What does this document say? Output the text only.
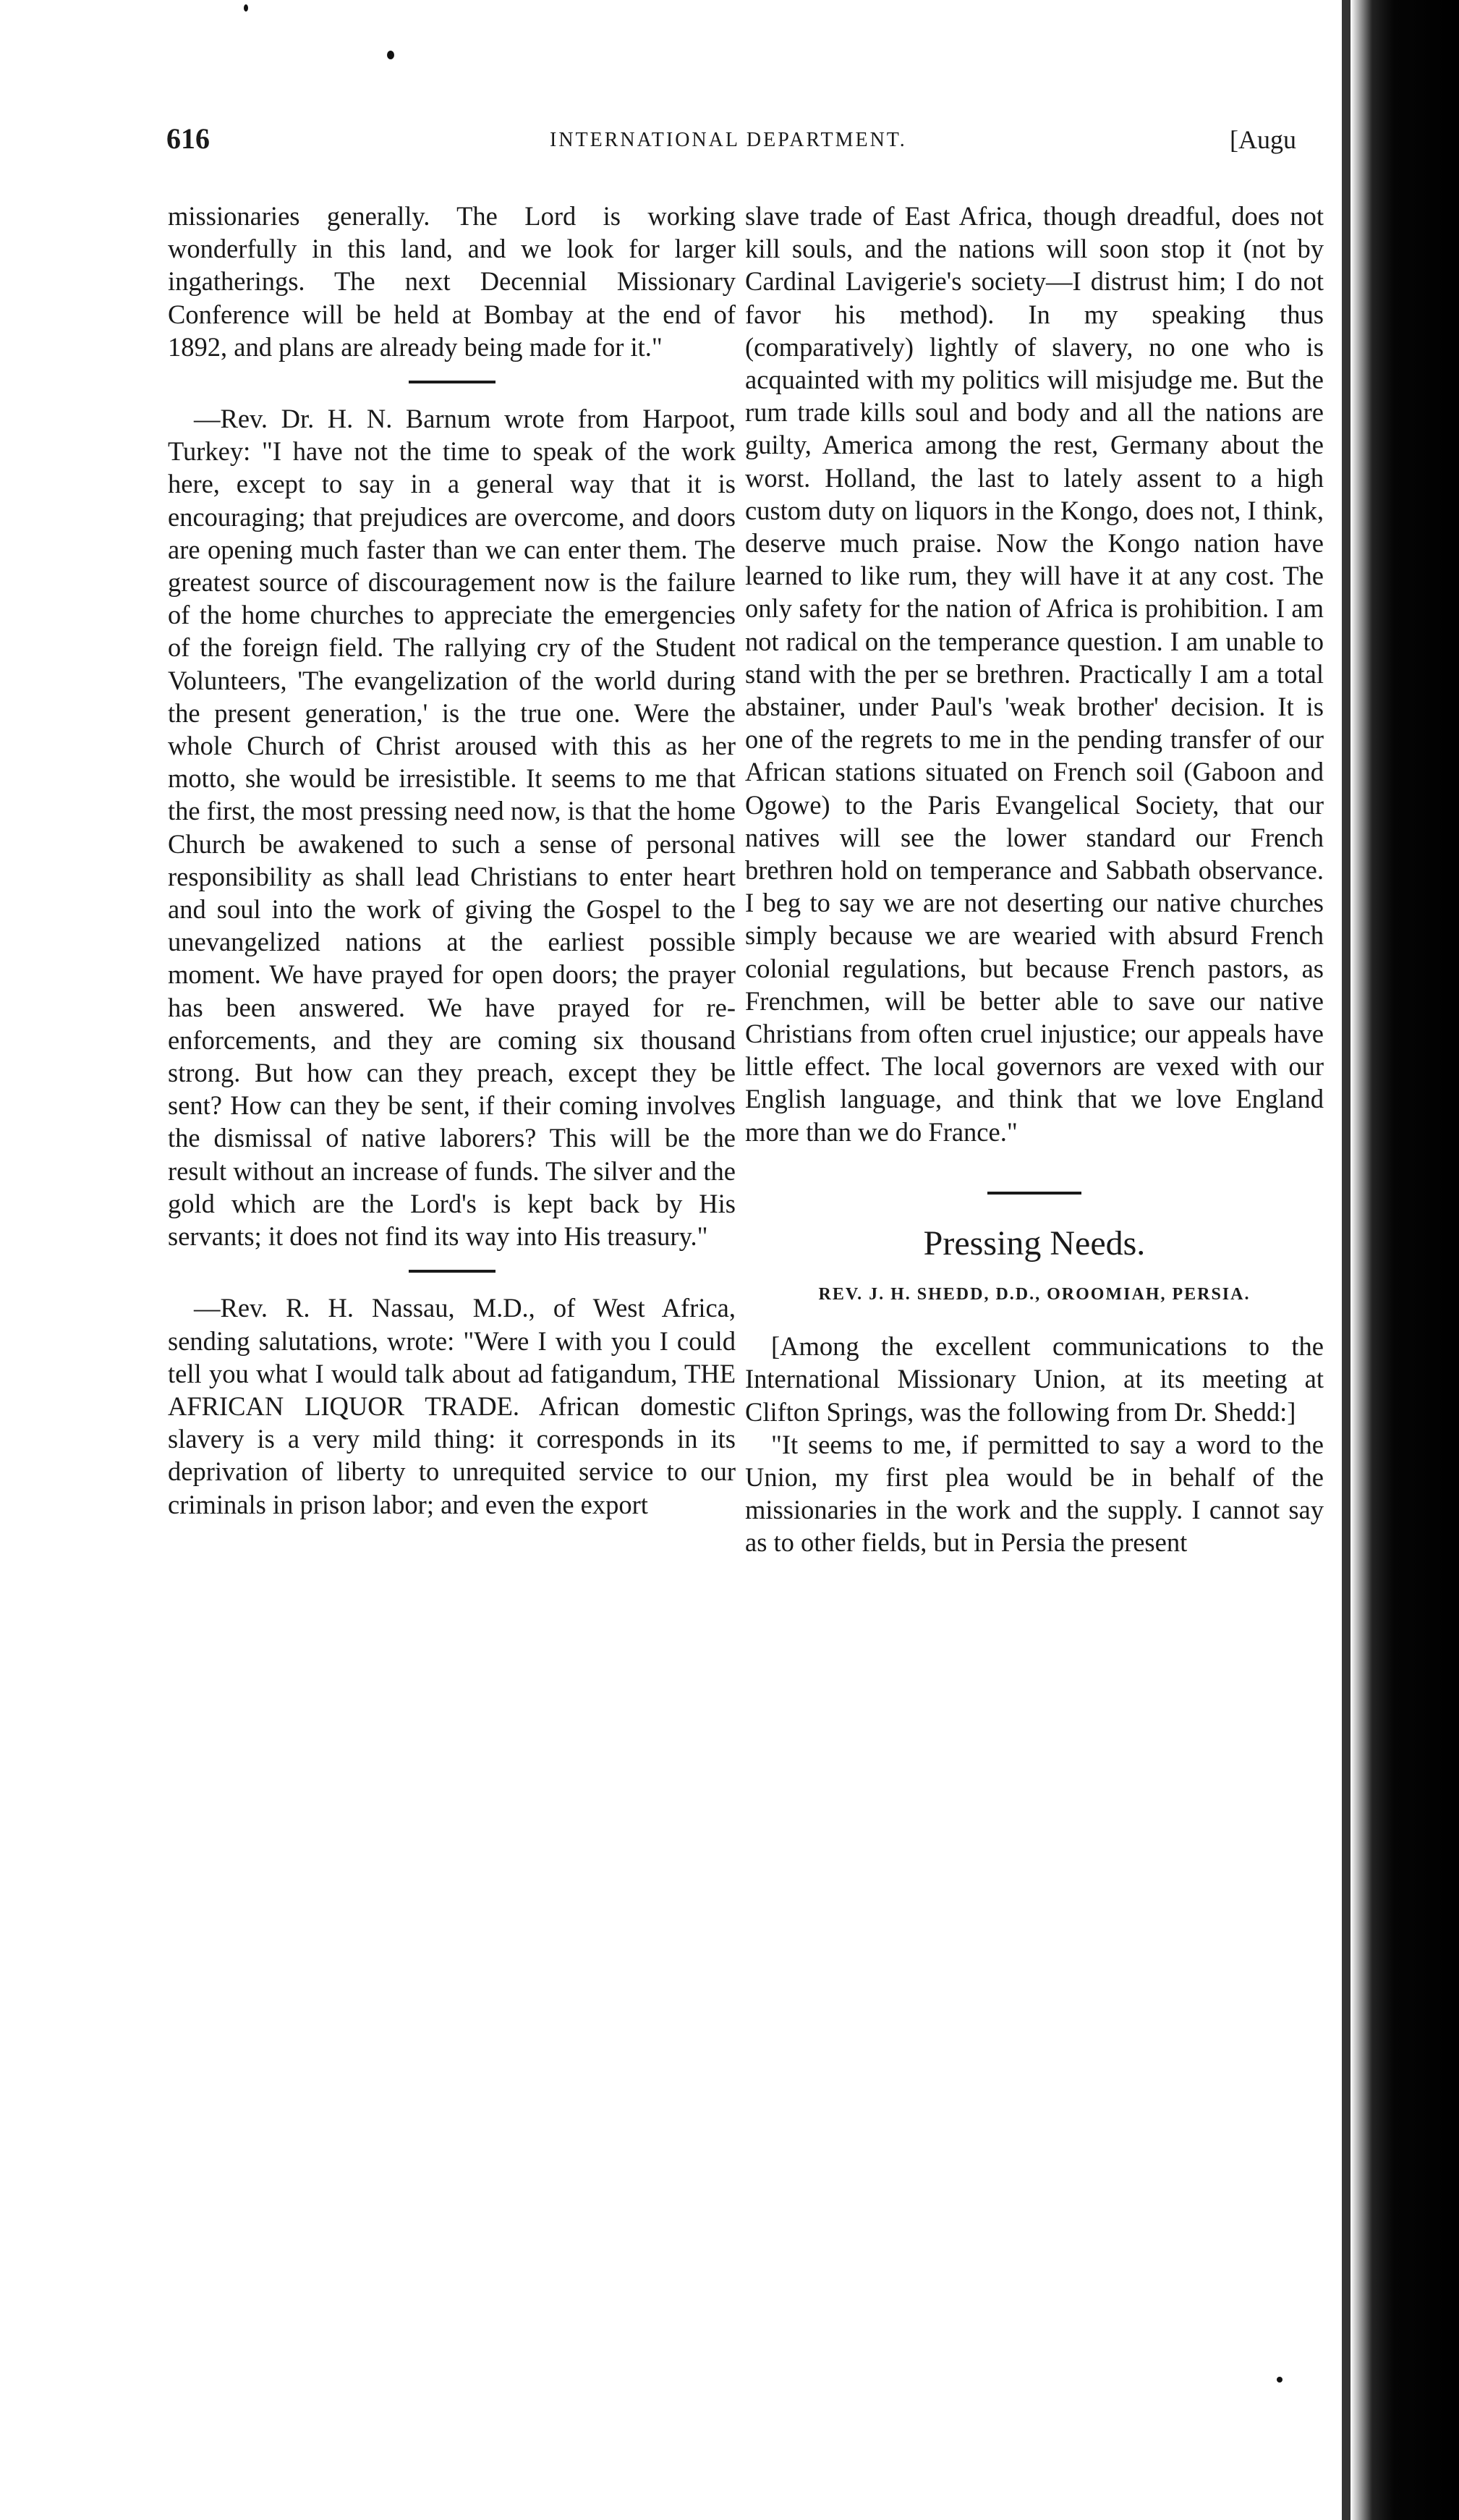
616	INTERNATIONAL DEPARTMENT.	[Augu

missionaries generally. The Lord is working wonderfully in this land, and we look for larger ingatherings. The next Decennial Missionary Conference will be held at Bombay at the end of 1892, and plans are already being made for it."

—Rev. Dr. H. N. Barnum wrote from Harpoot, Turkey: "I have not the time to speak of the work here, except to say in a general way that it is encouraging; that prejudices are overcome, and doors are opening much faster than we can enter them. The greatest source of discouragement now is the failure of the home churches to appreciate the emergencies of the foreign field. The rallying cry of the Student Volunteers, 'The evangelization of the world during the present generation,' is the true one. Were the whole Church of Christ aroused with this as her motto, she would be irresistible. It seems to me that the first, the most pressing need now, is that the home Church be awakened to such a sense of personal responsibility as shall lead Christians to enter heart and soul into the work of giving the Gospel to the unevangelized nations at the earliest possible moment. We have prayed for open doors; the prayer has been answered. We have prayed for re-enforcements, and they are coming six thousand strong. But how can they preach, except they be sent? How can they be sent, if their coming involves the dismissal of native laborers? This will be the result without an increase of funds. The silver and the gold which are the Lord's is kept back by His servants; it does not find its way into His treasury."

—Rev. R. H. Nassau, M.D., of West Africa, sending salutations, wrote: "Were I with you I could tell you what I would talk about ad fatigandum, THE AFRICAN LIQUOR TRADE. African domestic slavery is a very mild thing: it corresponds in its deprivation of liberty to unrequited service to our criminals in prison labor; and even the export

slave trade of East Africa, though dreadful, does not kill souls, and the nations will soon stop it (not by Cardinal Lavigerie's society—I distrust him; I do not favor his method). In my speaking thus (comparatively) lightly of slavery, no one who is acquainted with my politics will misjudge me. But the rum trade kills soul and body and all the nations are guilty, America among the rest, Germany about the worst. Holland, the last to lately assent to a high custom duty on liquors in the Kongo, does not, I think, deserve much praise. Now the Kongo nation have learned to like rum, they will have it at any cost. The only safety for the nation of Africa is prohibition. I am not radical on the temperance question. I am unable to stand with the per se brethren. Practically I am a total abstainer, under Paul's 'weak brother' decision. It is one of the regrets to me in the pending transfer of our African stations situated on French soil (Gaboon and Ogowe) to the Paris Evangelical Society, that our natives will see the lower standard our French brethren hold on temperance and Sabbath observance. I beg to say we are not deserting our native churches simply because we are wearied with absurd French colonial regulations, but because French pastors, as Frenchmen, will be better able to save our native Christians from often cruel injustice; our appeals have little effect. The local governors are vexed with our English language, and think that we love England more than we do France."

Pressing Needs.
REV. J. H. SHEDD, D.D., OROOMIAH, PERSIA.

[Among the excellent communications to the International Missionary Union, at its meeting at Clifton Springs, was the following from Dr. Shedd:]

"It seems to me, if permitted to say a word to the Union, my first plea would be in behalf of the missionaries in the work and the supply. I cannot say as to other fields, but in Persia the present
